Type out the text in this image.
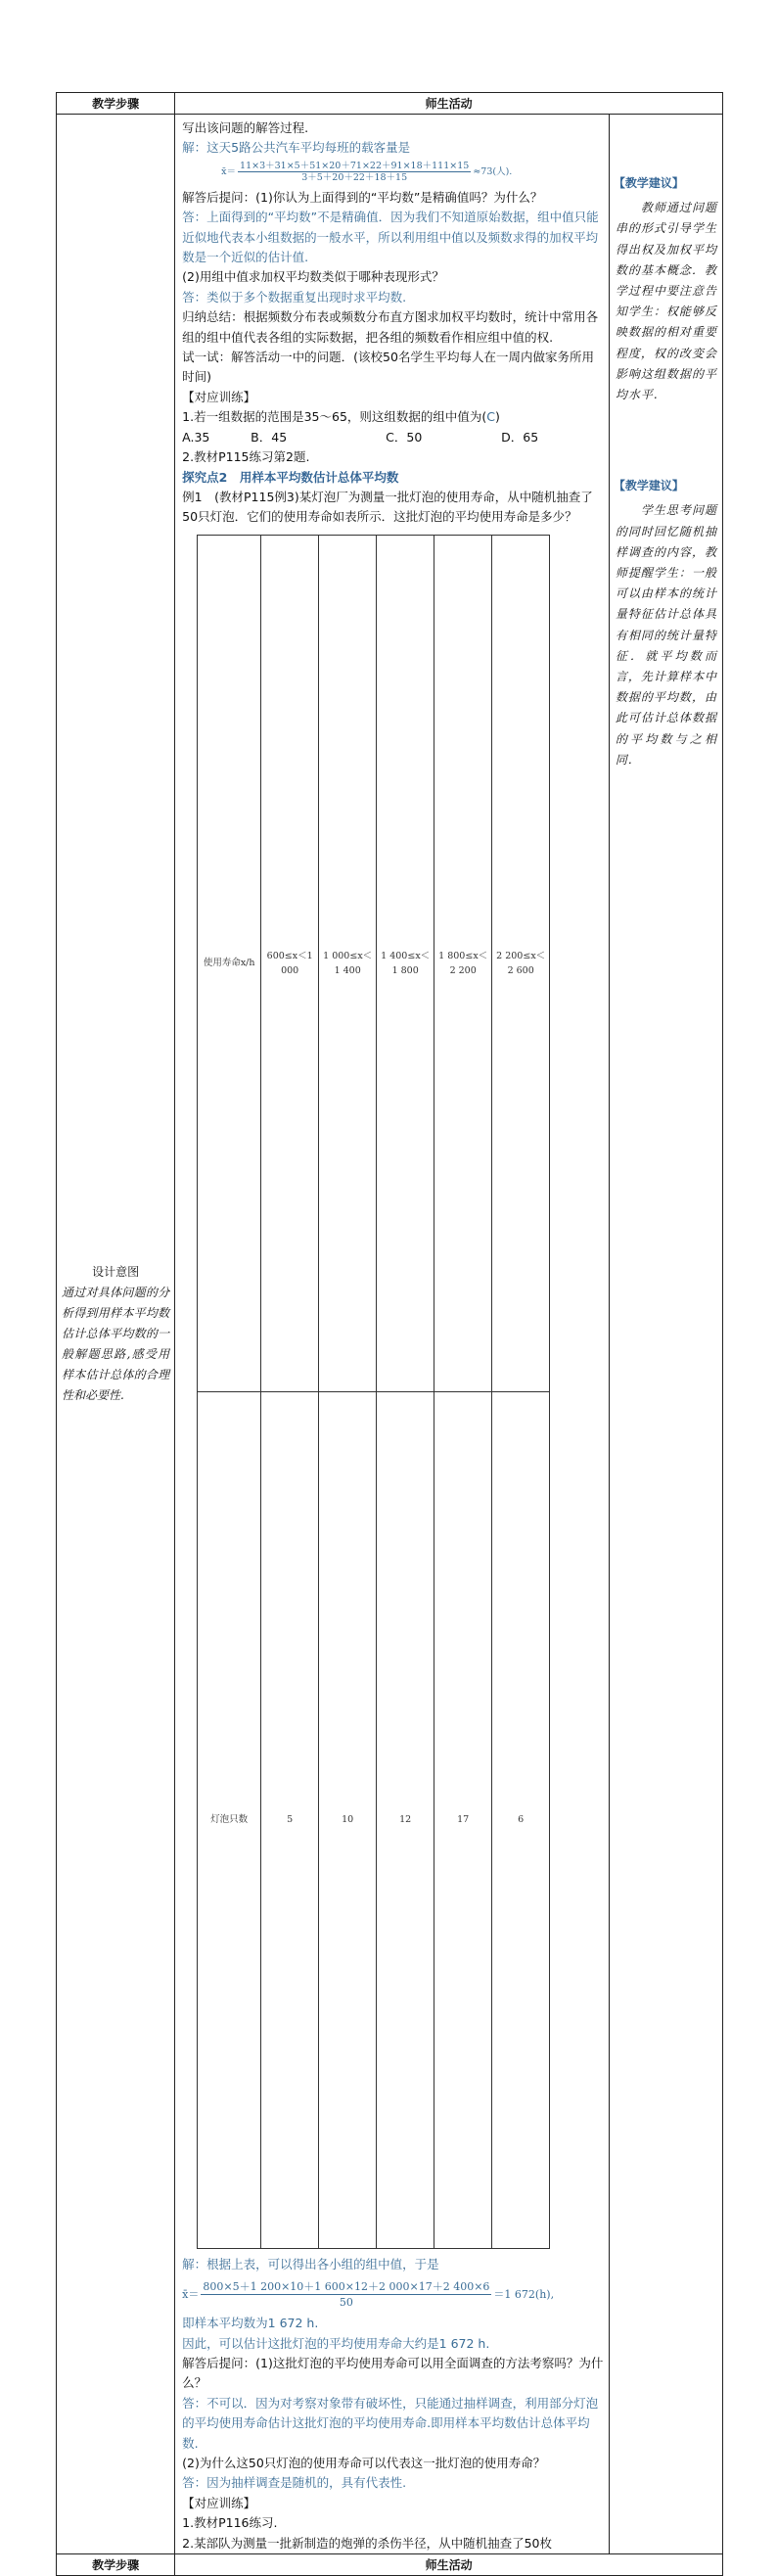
教学步骤	师生活动

设计意图
通过对具体问题的分析得到用样本平均数估计总体平均数的一般解题思路,感受用样本估计总体的合理性和必要性.

写出该问题的解答过程.

解：这天5路公共汽车平均每班的载客量是

x̄＝ $\frac{11\times 3+31\times 5+51\times 20+71\times 22+91\times 18+111\times 15}{3+5+20+22+18+15} \approx 73$(人).

解答后提问：(1)你认为上面得到的“平均数”是精确值吗？为什么？

答：上面得到的“平均数”不是精确值．因为我们不知道原始数据，组中值只能近似地代表本小组数据的一般水平，所以利用组中值以及频数求得的加权平均数是一个近似的估计值.

(2)用组中值求加权平均数类似于哪种表现形式？

答：类似于多个数据重复出现时求平均数.

归纳总结：根据频数分布表或频数分布直方图求加权平均数时，统计中常用各组的组中值代表各组的实际数据，把各组的频数看作相应组中值的权.

试一试：解答活动一中的问题．(该校50名学生平均每人在一周内做家务所用时间)

【对应训练】

1.若一组数据的范围是35～65，则这组数据的组中值为(C)

A.35	B．45	C．50	D．65

2.教材P115练习第2题.

探究点2　用样本平均数估计总体平均数

例1　(教材P115例3)某灯泡厂为测量一批灯泡的使用寿命，从中随机抽查了50只灯泡．它们的使用寿命如表所示．这批灯泡的平均使用寿命是多少？

使用寿命x/h	600≤x＜1 000	1 000≤x＜1 400	1 400≤x＜1 800	1 800≤x＜2 200	2 200≤x＜2 600
灯泡只数	5	10	12	17	6

解：根据上表，可以得出各小组的组中值，于是

x̄＝ $\frac{800\times 5+1 200\times 10+1 600\times 12+2 000\times 17+2 400\times 6}{50} =1$ 672(h),

即样本平均数为1 672 h.

因此，可以估计这批灯泡的平均使用寿命大约是1 672 h.

解答后提问：(1)这批灯泡的平均使用寿命可以用全面调查的方法考察吗？为什么？

答：不可以．因为对考察对象带有破坏性，只能通过抽样调查，利用部分灯泡的平均使用寿命估计这批灯泡的平均使用寿命.即用样本平均数估计总体平均数.

(2)为什么这50只灯泡的使用寿命可以代表这一批灯泡的使用寿命？

答：因为抽样调查是随机的，具有代表性.

【对应训练】

1.教材P116练习.

2.某部队为测量一批新制造的炮弹的杀伤半径，从中随机抽查了50枚

【教学建议】
　　教师通过问题串的形式引导学生得出权及加权平均数的基本概念．教学过程中要注意告知学生：权能够反映数据的相对重要程度，权的改变会影响这组数据的平均水平.
【教学建议】
　　学生思考问题的同时回忆随机抽样调查的内容，教师提醒学生：一般可以由样本的统计量特征估计总体具有相同的统计量特征．就平均数而言，先计算样本中数据的平均数，由此可估计总体数据的平均数与之相同.

教学步骤	师生活动
